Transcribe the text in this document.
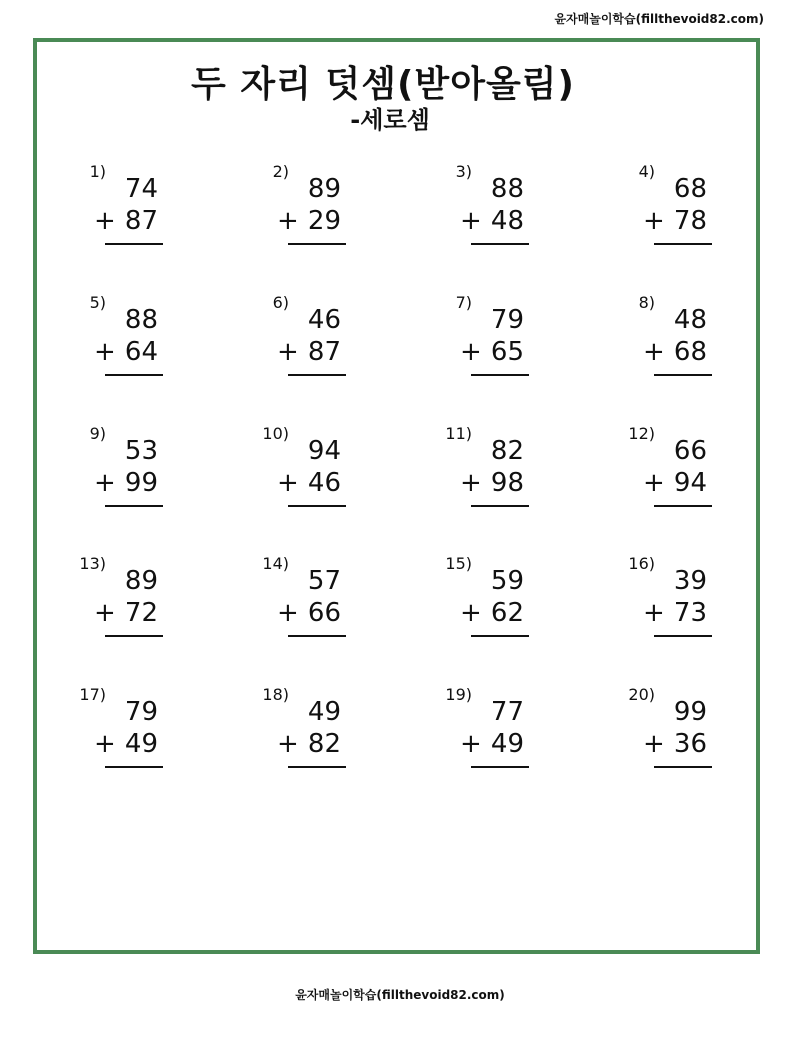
윤자매놀이학습(fillthevoid82.com)
두 자리 덧셈(받아올림)
-세로셈
1)
74
+ 87
2)
89
+ 29
3)
88
+ 48
4)
68
+ 78
5)
88
+ 64
6)
46
+ 87
7)
79
+ 65
8)
48
+ 68
9)
53
+ 99
10)
94
+ 46
11)
82
+ 98
12)
66
+ 94
13)
89
+ 72
14)
57
+ 66
15)
59
+ 62
16)
39
+ 73
17)
79
+ 49
18)
49
+ 82
19)
77
+ 49
20)
99
+ 36
윤자매놀이학습(fillthevoid82.com)
